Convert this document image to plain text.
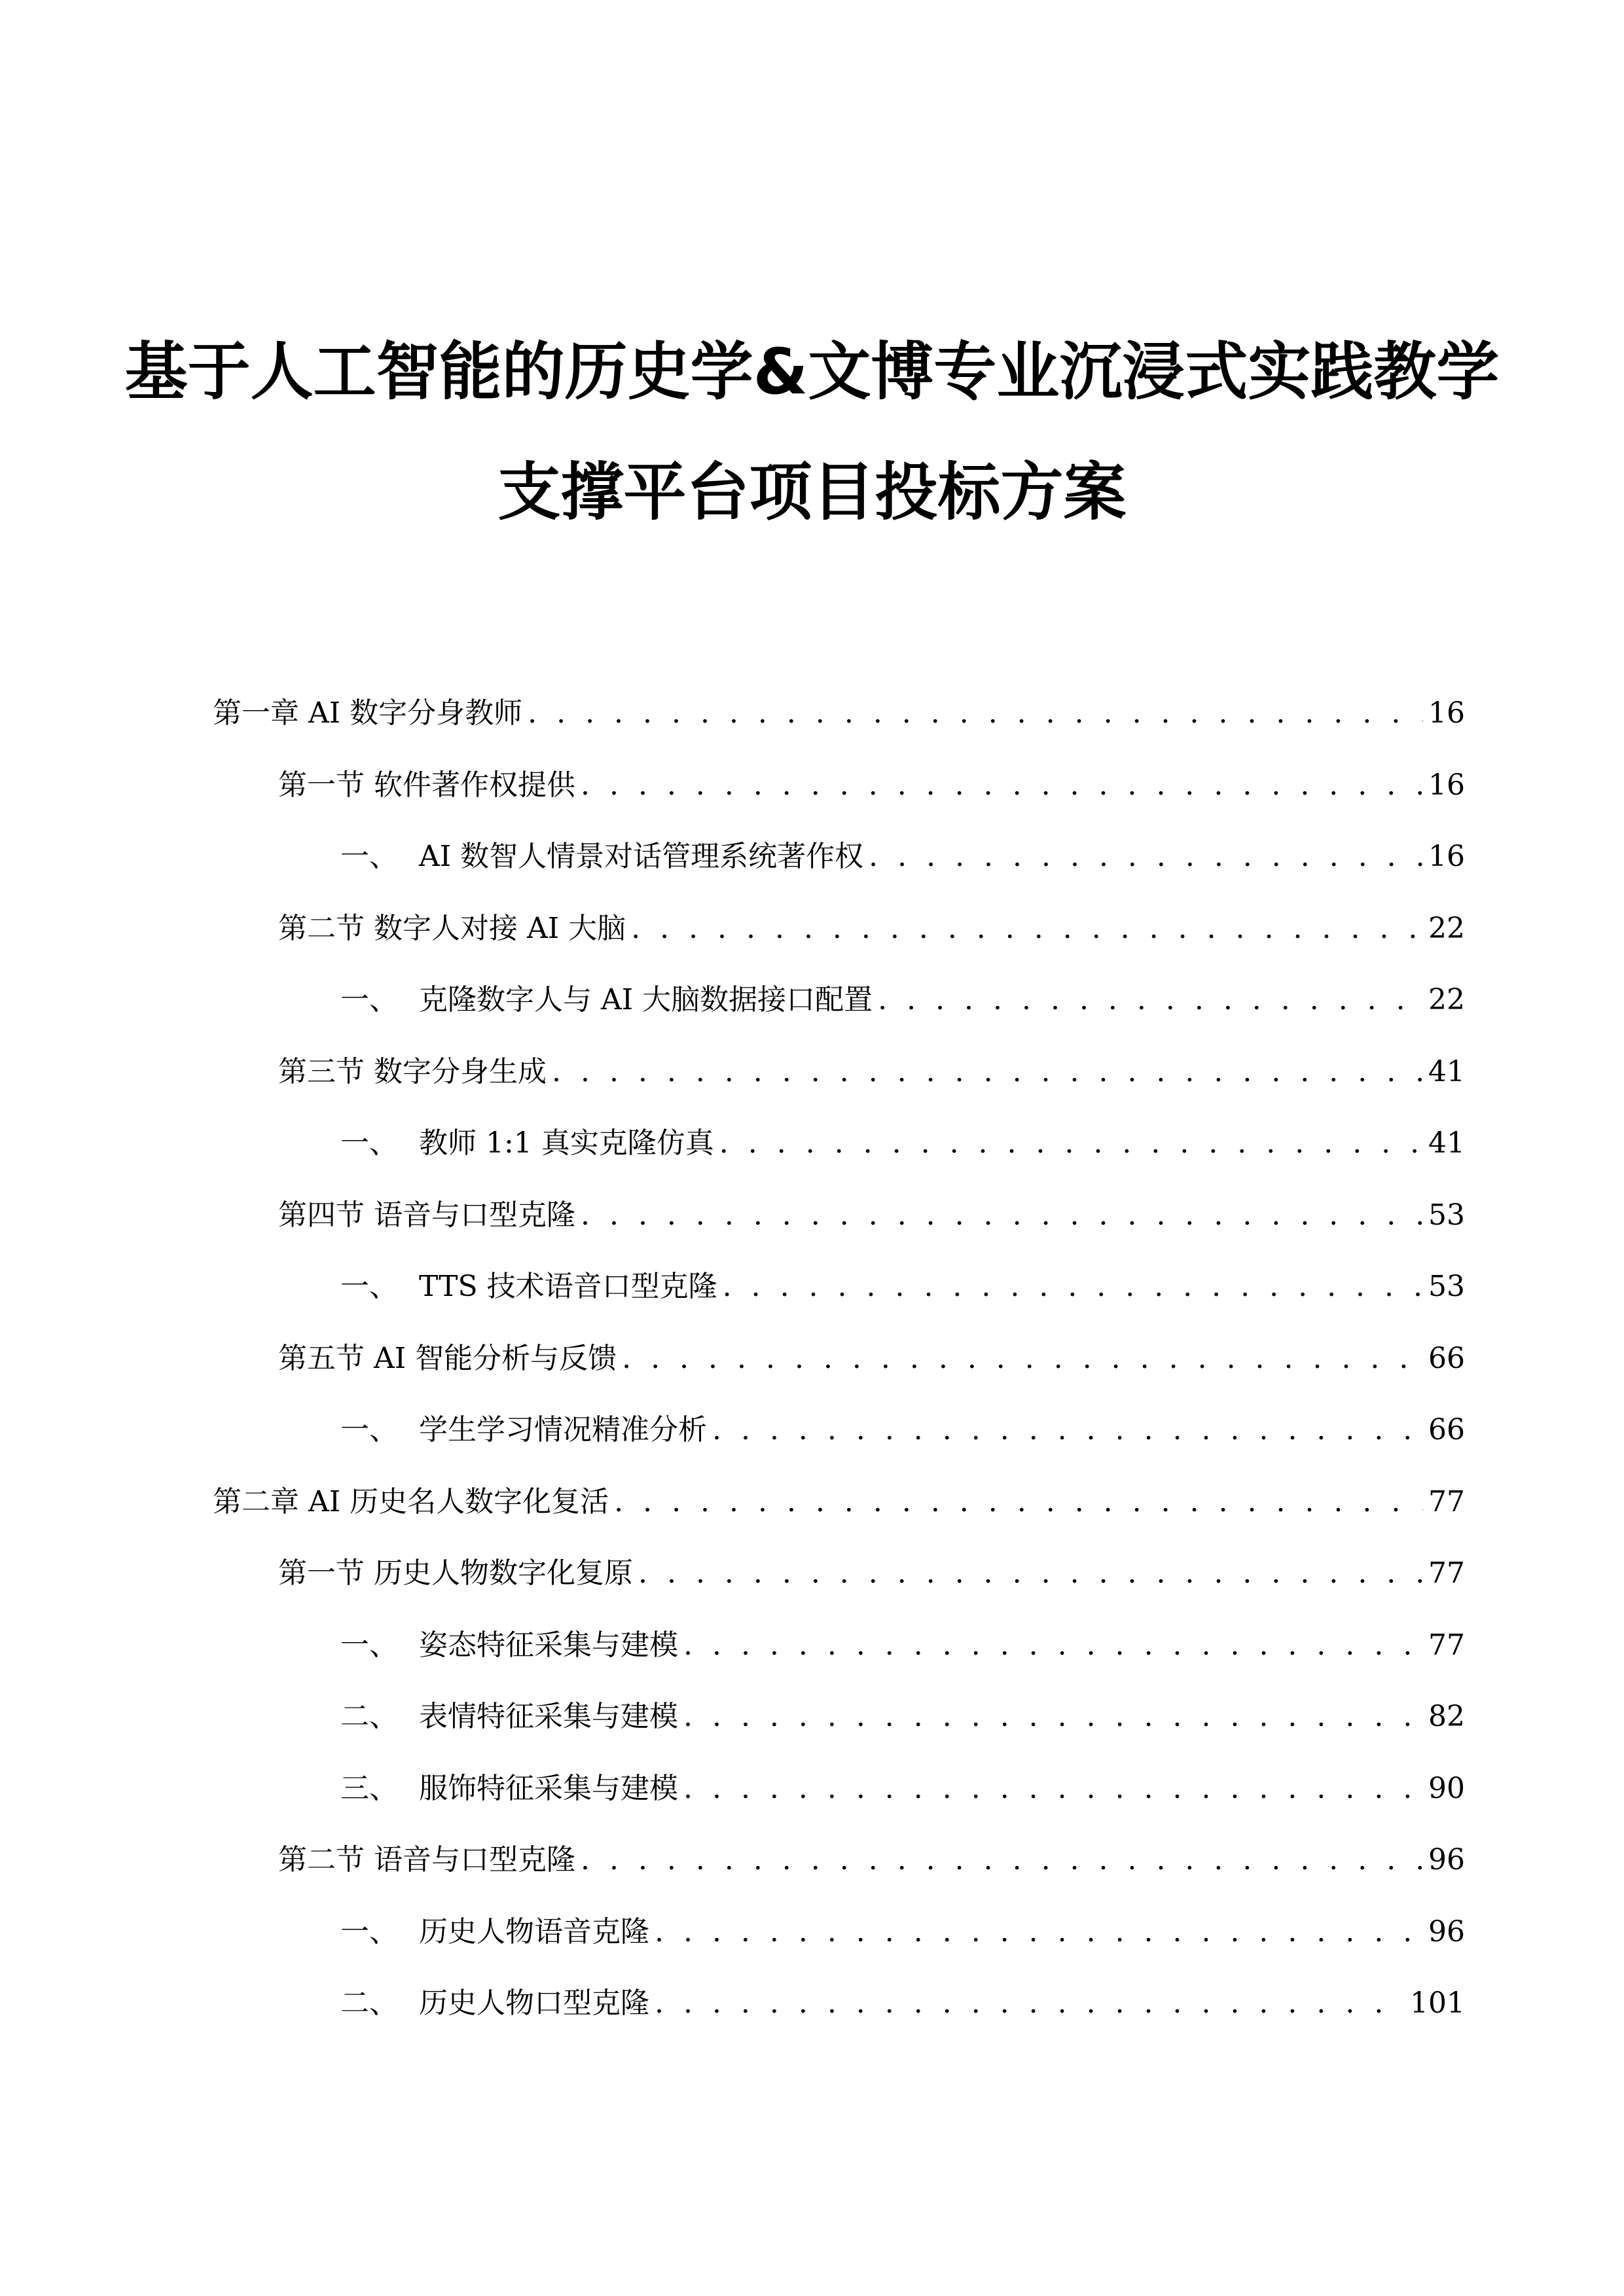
基于人工智能的历史学&文博专业沉浸式实践教学
支撑平台项目投标方案
第一章 AI 数字分身教师 . . .	16
第一节 软件著作权提供 . . .	16
一、 AI 数智人情景对话管理系统著作权 . . .	16
第二节 数字人对接 AI 大脑 . . .	22
一、 克隆数字人与 AI 大脑数据接口配置 . . .	22
第三节 数字分身生成 . . .	41
一、 教师 1:1 真实克隆仿真 . . .	41
第四节 语音与口型克隆 . . .	53
一、 TTS 技术语音口型克隆 . . .	53
第五节 AI 智能分析与反馈 . . .	66
一、 学生学习情况精准分析 . . .	66
第二章 AI 历史名人数字化复活 . . .	77
第一节 历史人物数字化复原 . . .	77
一、 姿态特征采集与建模 . . .	77
二、 表情特征采集与建模 . . .	82
三、 服饰特征采集与建模 . . .	90
第二节 语音与口型克隆 . . .	96
一、 历史人物语音克隆 . . .	96
二、 历史人物口型克隆 . . .	101
